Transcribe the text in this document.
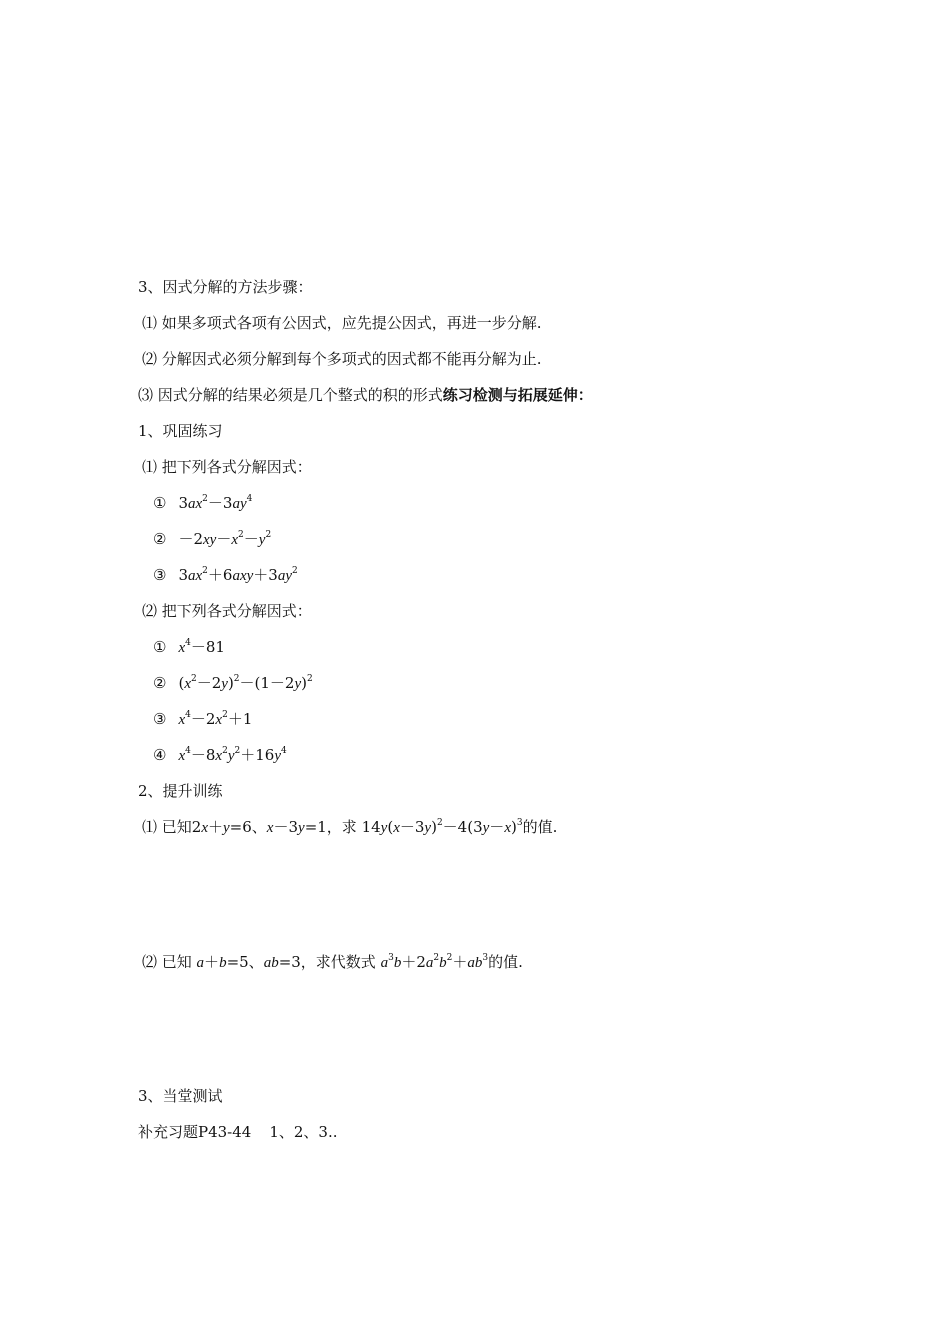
3、因式分解的方法步骤：
⑴ 如果多项式各项有公因式，应先提公因式，再进一步分解.
⑵ 分解因式必须分解到每个多项式的因式都不能再分解为止.
⑶ 因式分解的结果必须是几个整式的积的形式练习检测与拓展延伸：
1、巩固练习
⑴ 把下列各式分解因式：
① $3ax^2-3ay^4$
② $-2xy-x^2-y^2$
③ $3ax^2+6axy+3ay^2$
⑵ 把下列各式分解因式：
① $x^4-81$
② $(x^2-2y)^2-(1-2y)^2$
③ $x^4-2x^2+1$
④ $x^4-8x^2y^2+16y^4$
2、提升训练
⑴ 已知2x＋y=6、x－3y=1，求 $14y(x-3y)^2-4(3y-x)^3$的值.
⑵ 已知 a＋b=5、ab=3，求代数式 $a^3b+2a^2b^2+ab^3$的值.
3、当堂测试
补充习题P43-44 1、2、3..
